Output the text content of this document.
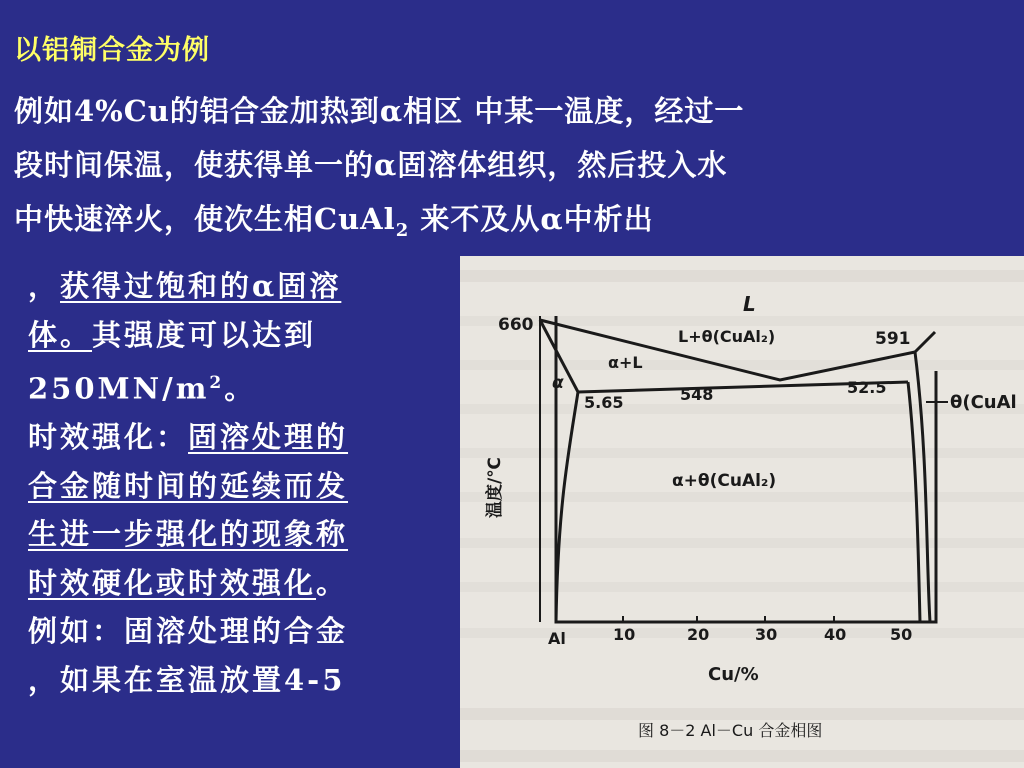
以铝铜合金为例
例如4%Cu的铝合金加热到α相区 中某一温度，经过一
段时间保温，使获得单一的α固溶体组织，然后投入水
中快速淬火，使次生相CuAl$_2$ 来不及从α中析出
，获得过饱和的α固溶
体。其强度可以达到
$250MN/m^2$。
时效强化：固溶处理的
合金随时间的延续而发
生进一步强化的现象称
时效硬化或时效强化。
例如：固溶处理的合金
，如果在室温放置4-5
660
L
L+θ(CuAl₂)	591
α+L
α
548
5.65
52.5
θ(CuAl
α+θ(CuAl₂)
温度/℃
Al	10	20	30	40	50
Cu/%
图 8－2 Al－Cu 合金相图
